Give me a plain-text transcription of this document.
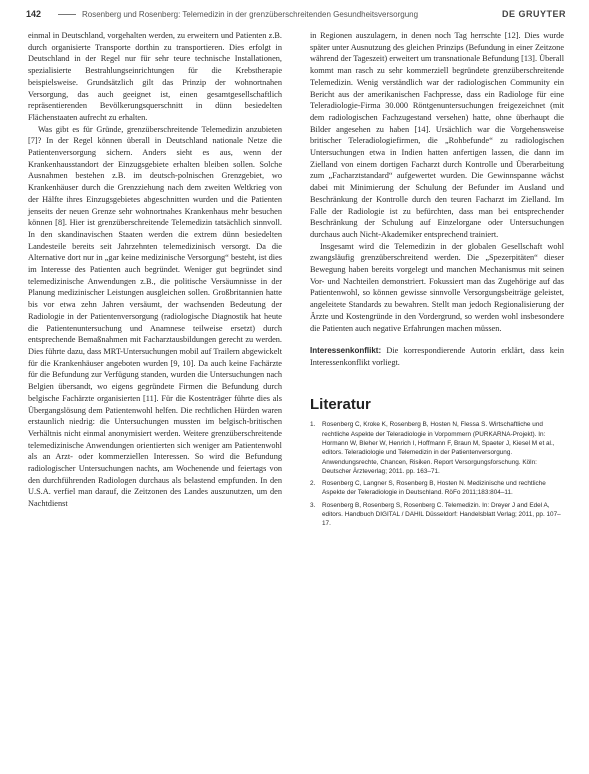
142	Rosenberg und Rosenberg: Telemedizin in der grenzüberschreitenden Gesundheitsversorgung	DE GRUYTER

einmal in Deutschland, vorgehalten werden, zu erweitern und Patienten z.B. durch organisierte Transporte dorthin zu transportieren. Dies erfolgt in Deutschland in der Regel nur für sehr teure technische Installationen, spezialisierte Bestrahlungseinrichtungen für die Krebstherapie beispielsweise. Grundsätzlich gilt das Prinzip der wohnortnahen Versorgung, das auch geeignet ist, einen gesamtgesellschaftlich repräsentierenden Bevölkerungsquerschnitt in dünn besiedelten Flächenstaaten aufrecht zu erhalten.

Was gibt es für Gründe, grenzüberschreitende Telemedizin anzubieten [7]? In der Regel können überall in Deutschland nationale Netze die Patientenversorgung sichern. Anders sieht es aus, wenn der Krankenhausstandort der Einzugsgebiete erhalten bleiben sollen. Solche Ausnahmen bestehen z.B. im deutsch-polnischen Grenzgebiet, wo Krankenhäuser durch die Grenzziehung nach dem zweiten Weltkrieg von der Hälfte ihres Einzugsgebietes abgeschnitten wurden und die Patienten jenseits der neuen Grenze sehr wohnortnahes Krankenhaus mehr besuchen können [8]. Hier ist grenzüberschreitende Telemedizin tatsächlich sinnvoll. In den skandinavischen Staaten werden die extrem dünn besiedelten Landesteile bereits seit Jahrzehnten telemedizinisch versorgt. Da die Alternative dort nur in „gar keine medizinische Versorgung“ besteht, ist dies im Interesse des Patienten auch begründet. Weniger gut begründet sind telemedizinische Anwendungen z.B., die politische Versäumnisse in der Planung medizinischer Leistungen ausgleichen sollen. Großbritannien hatte bis vor etwa zehn Jahren versäumt, der wachsenden Bedeutung der Radiologie in der Patientenversorgung (radiologische Diagnostik hat heute die Patientenuntersuchung und Anamnese teilweise ersetzt) durch entsprechende Bemaßnahmen mit Facharztausbildungen gerecht zu werden. Dies führte dazu, dass MRT-Untersuchungen mobil auf Trailern abgewickelt für die Krankenhäuser angeboten wurden [9, 10]. Da auch keine Fachärzte für die Befundung zur Verfügung standen, wurden die Untersuchungen nach Belgien übersandt, wo eigens gegründete Firmen die Befundung durch belgische Fachärzte organisierten [11]. Für die Kostenträger führte dies als Übergangslösung dem Patientenwohl helfen. Die rechtlichen Hürden waren erstaunlich niedrig: die Untersuchungen mussten im belgisch-britischen Verhältnis nicht einmal anonymisiert werden. Weitere grenzüberschreitende telemedizinische Anwendungen orientierten sich weniger am Patientenwohl als an Arzt- oder kommerziellen Interessen. So wird die Befundung radiologischer Untersuchungen nachts, am Wochenende und feiertags von den durchführenden Radiologen durchaus als belastend empfunden. In den U.S.A. verfiel man darauf, die Zeitzonen des Landes auszunutzen, um den Nachtdienst

in Regionen auszulagern, in denen noch Tag herrschte [12]. Dies wurde später unter Ausnutzung des gleichen Prinzips (Befundung in einer Zeitzone während der Tageszeit) erweitert um transnationale Befundung [13]. Überall kommt man rasch zu sehr kommerziell begründete grenzüberschreitende Telemedizin. Wenig verständlich war der radiologischen Community ein Bericht aus der amerikanischen Fachpresse, dass ein Radiologe für eine Teleradiologie-Firma 30.000 Röntgenuntersuchungen freigezeichnet (mit dem radiologischen Fachzugestand versehen) hatte, ohne überhaupt die Bilder angesehen zu haben [14]. Ursächlich war die Vorgehensweise britischer Teleradiologiefirmen, die „Rohbefunde“ zu radiologischen Untersuchungen etwa in Indien hatten anfertigen lassen, die dann im Zielland von einem dortigen Facharzt durch Kontrolle und Überarbeitung zum „Facharztstandard“ aufgewertet wurden. Die Gewinnspanne wächst dabei mit Minimierung der Schulung der Befunder im Ausland und Beschränkung der Kontrolle durch den teuren Facharzt im Zielland. Im Falle der Radiologie ist zu befürchten, dass man bei entsprechender Beschränkung der Schulung auf Einzelorgane oder Untersuchungen durchaus auch Nicht-Akademiker entsprechend trainiert.

Insgesamt wird die Telemedizin in der globalen Gesellschaft wohl zwangsläufig grenzüberschreitend werden. Die „Spezerpitäten“ dieser Bewegung haben bereits vorgelegt und manchen Mechanismus mit seinen Vor- und Nachteilen demonstriert. Fokussiert man das Zugehörige auf das Patientenwohl, so können gewisse sinnvolle Versorgungsbeiträge geleistet, angeleitete Standards zu bewahren. Stellt man jedoch Regionalisierung der Ärzte und Kostengründe in den Vordergrund, so werden wohl insbesondere die Patienten auch negative Erfahrungen machen müssen.

Interessenkonflikt: Die korrespondierende Autorin erklärt, dass kein Interessenkonflikt vorliegt.

Literatur
1.	Rosenberg C, Kroke K, Rosenberg B, Hosten N, Flessa S. Wirtschaftliche und rechtliche Aspekte der Teleradiologie in Vorpommern (PURKARNA-Projekt). In: Hormann W, Bleher W, Henrich I, Hoffmann F, Braun M, Spaeter J, Kiesel M et al., editors. Teleradiologie und Telemedizin in der Patientenversorgung. Anwendungsrechte, Chancen, Risiken. Report Versorgungsforschung. Köln: Deutscher Ärzteverlag; 2011. pp. 163–71.
2.	Rosenberg C, Langner S, Rosenberg B, Hosten N. Medizinische und rechtliche Aspekte der Teleradiologie in Deutschland. RöFo 2011;183:804–11.
3.	Rosenberg B, Rosenberg S, Rosenberg C. Telemedizin. In: Dreyer J and Edel A, editors. Handbuch DIGITAL / DAHIL Düsseldorf: Handelsblatt Verlag; 2011, pp. 107–17.
